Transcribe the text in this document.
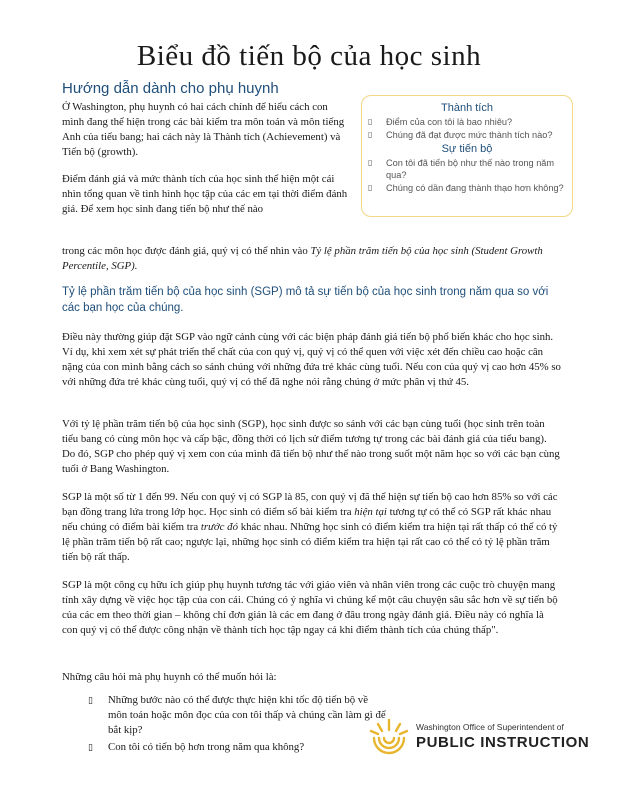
Biểu đồ tiến bộ của học sinh
Hướng dẫn dành cho phụ huynh

Ở Washington, phụ huynh có hai cách chính để hiểu cách con mình đang thể hiện trong các bài kiểm tra môn toán và môn tiếng Anh của tiểu bang; hai cách này là Thành tích (Achievement) và Tiến bộ (growth).

Điểm đánh giá và mức thành tích của học sinh thể hiện một cái nhìn tổng quan về tình hình học tập của các em tại thời điểm đánh giá. Để xem học sinh đang tiến bộ như thế nào

Thành tích
▯ Điểm của con tôi là bao nhiêu?
▯ Chúng đã đạt được mức thành tích nào?
Sự tiến bộ
▯ Con tôi đã tiến bộ như thế nào trong năm qua?
▯ Chúng có dần đang thành thạo hơn không?

trong các môn học được đánh giá, quý vị có thể nhìn vào Tỷ lệ phần trăm tiến bộ của học sinh (Student Growth Percentile, SGP).

Tỷ lệ phần trăm tiến bộ của học sinh (SGP) mô tả sự tiến bộ của học sinh trong năm qua so với các bạn học của chúng.

Điều này thường giúp đặt SGP vào ngữ cảnh cùng với các biện pháp đánh giá tiến bộ phổ biến khác cho học sinh. Ví dụ, khi xem xét sự phát triển thể chất của con quý vị, quý vị có thể quen với việc xét đến chiều cao hoặc cân nặng của con mình bằng cách so sánh chúng với những đứa trẻ khác cùng tuổi. Nếu con của quý vị cao hơn 45% so với những đứa trẻ khác cùng tuổi, quý vị có thể đã nghe nói rằng chúng ở mức phân vị thứ 45.

Với tỷ lệ phần trăm tiến bộ của học sinh (SGP), học sinh được so sánh với các bạn cùng tuổi (học sinh trên toàn tiểu bang có cùng môn học và cấp bậc, đồng thời có lịch sử điểm tương tự trong các bài đánh giá của tiểu bang). Do đó, SGP cho phép quý vị xem con của mình đã tiến bộ như thế nào trong suốt một năm học so với các bạn cùng tuổi ở Bang Washington.

SGP là một số từ 1 đến 99. Nếu con quý vị có SGP là 85, con quý vị đã thể hiện sự tiến bộ cao hơn 85% so với các bạn đồng trang lứa trong lớp học. Học sinh có điểm số bài kiểm tra hiện tại tương tự có thể có SGP rất khác nhau nếu chúng có điểm bài kiểm tra trước đó khác nhau. Những học sinh có điểm kiểm tra hiện tại rất thấp có thể có tỷ lệ phần trăm tiến bộ rất cao; ngược lại, những học sinh có điểm kiểm tra hiện tại rất cao có thể có tỷ lệ phần trăm tiến bộ rất thấp.

SGP là một công cụ hữu ích giúp phụ huynh tương tác với giáo viên và nhân viên trong các cuộc trò chuyện mang tính xây dựng về việc học tập của con cái. Chúng có ý nghĩa vì chúng kể một câu chuyện sâu sắc hơn về sự tiến bộ của các em theo thời gian – không chỉ đơn giản là các em đang ở đâu trong ngày đánh giá. Điều này có nghĩa là con quý vị có thể được công nhận về thành tích học tập ngay cả khi điểm thành tích của chúng thấp".

Những câu hỏi mà phụ huynh có thể muốn hỏi là:

▯ Những bước nào có thể được thực hiện khi tốc độ tiến bộ về môn toán hoặc môn đọc của con tôi thấp và chúng cần làm gì để bắt kịp?
▯ Con tôi có tiến bộ hơn trong năm qua không?
Washington Office of Superintendent of
PUBLIC INSTRUCTION
